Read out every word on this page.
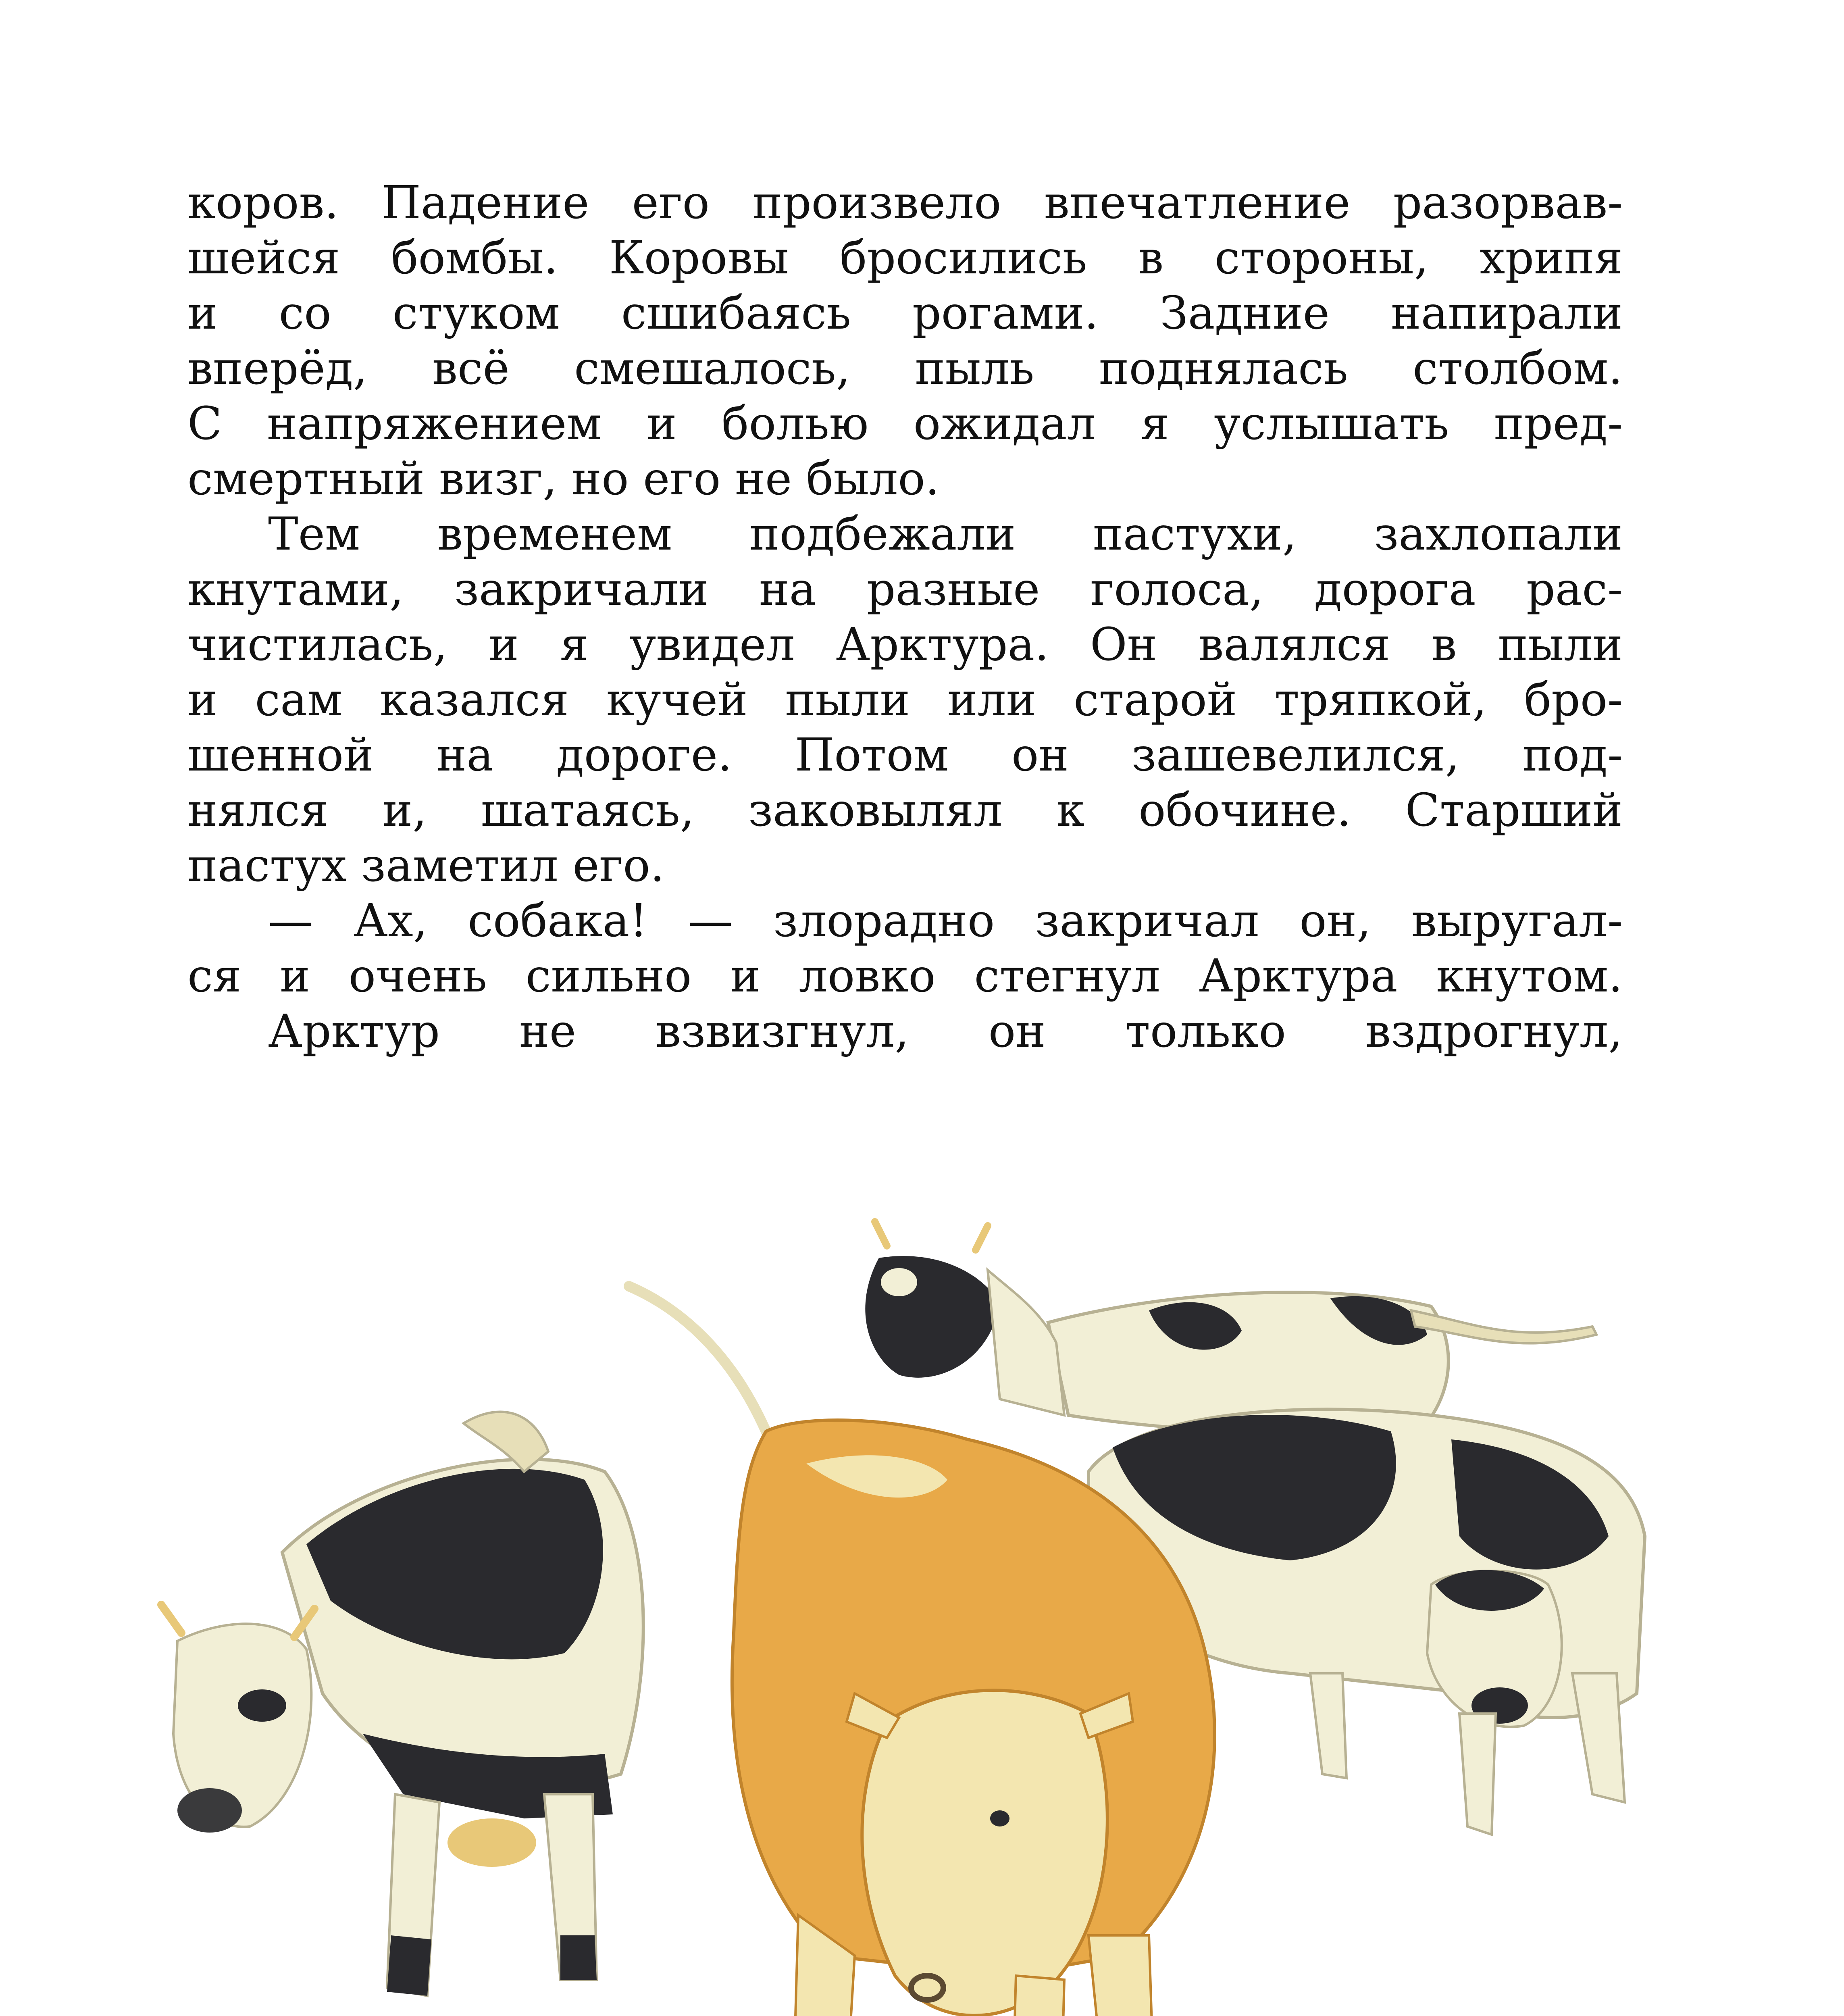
коров. Падение его произвело впечатление разорвав-
шейся бомбы. Коровы бросились в стороны, хрипя
и со стуком сшибаясь рогами. Задние напирали
вперёд, всё смешалось, пыль поднялась столбом.
С напряжением и болью ожидал я услышать пред-
смертный визг, но его не было.
Тем временем подбежали пастухи, захлопали
кнутами, закричали на разные голоса, дорога рас-
чистилась, и я увидел Арктура. Он валялся в пыли
и сам казался кучей пыли или старой тряпкой, бро-
шенной на дороге. Потом он зашевелился, под-
нялся и, шатаясь, заковылял к обочине. Старший
пастух заметил его.
— Ах, собака! — злорадно закричал он, выругал-
ся и очень сильно и ловко стегнул Арктура кнутом.
Арктур не взвизгнул, он только вздрогнул,
